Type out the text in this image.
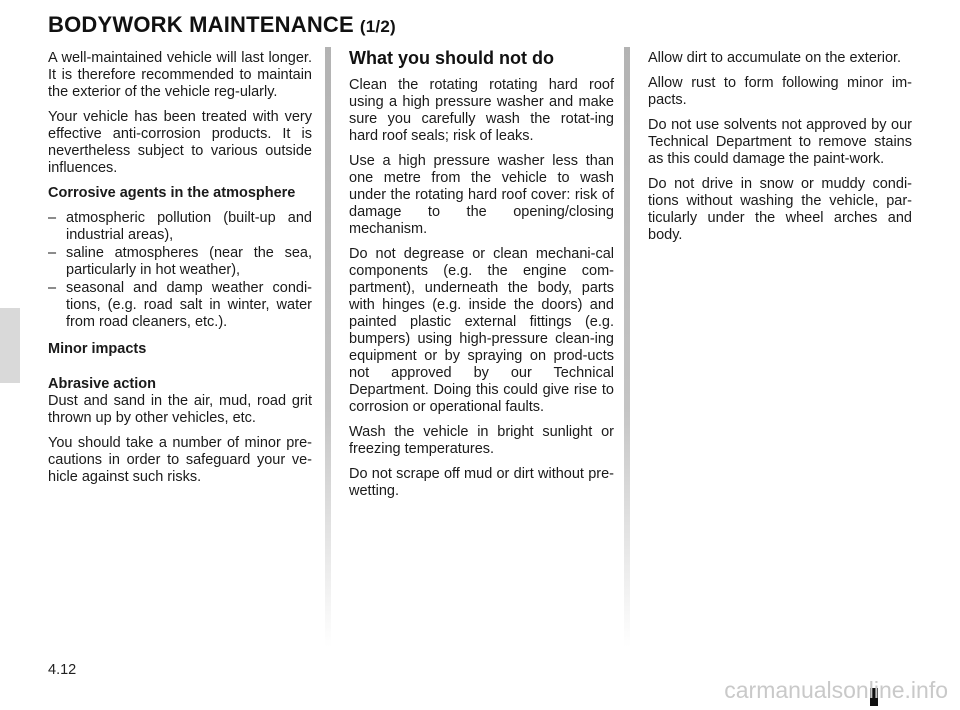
BODYWORK MAINTENANCE (1/2)

A well-maintained vehicle will last longer. It is therefore recommended to maintain the exterior of the vehicle reg-ularly.

Your vehicle has been treated with very effective anti-corrosion products. It is nevertheless subject to various outside influences.

Corrosive agents in the atmosphere

– atmospheric pollution (built-up and industrial areas),
– saline atmospheres (near the sea, particularly in hot weather),
– seasonal and damp weather condi-tions, (e.g. road salt in winter, water from road cleaners, etc.).

Minor impacts

Abrasive action

Dust and sand in the air, mud, road grit thrown up by other vehicles, etc.

You should take a number of minor pre-cautions in order to safeguard your ve-hicle against such risks.

What you should not do

Clean the rotating rotating hard roof using a high pressure washer and make sure you carefully wash the rotat-ing hard roof seals; risk of leaks.

Use a high pressure washer less than one metre from the vehicle to wash under the rotating hard roof cover: risk of damage to the opening/closing mechanism.

Do not degrease or clean mechani-cal components (e.g. the engine com-partment), underneath the body, parts with hinges (e.g. inside the doors) and painted plastic external fittings (e.g. bumpers) using high-pressure clean-ing equipment or by spraying on prod-ucts not approved by our Technical Department. Doing this could give rise to corrosion or operational faults.

Wash the vehicle in bright sunlight or freezing temperatures.

Do not scrape off mud or dirt without pre-wetting.

Allow dirt to accumulate on the exterior.

Allow rust to form following minor im-pacts.

Do not use solvents not approved by our Technical Department to remove stains as this could damage the paint-work.

Do not drive in snow or muddy condi-tions without washing the vehicle, par-ticularly under the wheel arches and body.

4.12
carmanualsonline.info
